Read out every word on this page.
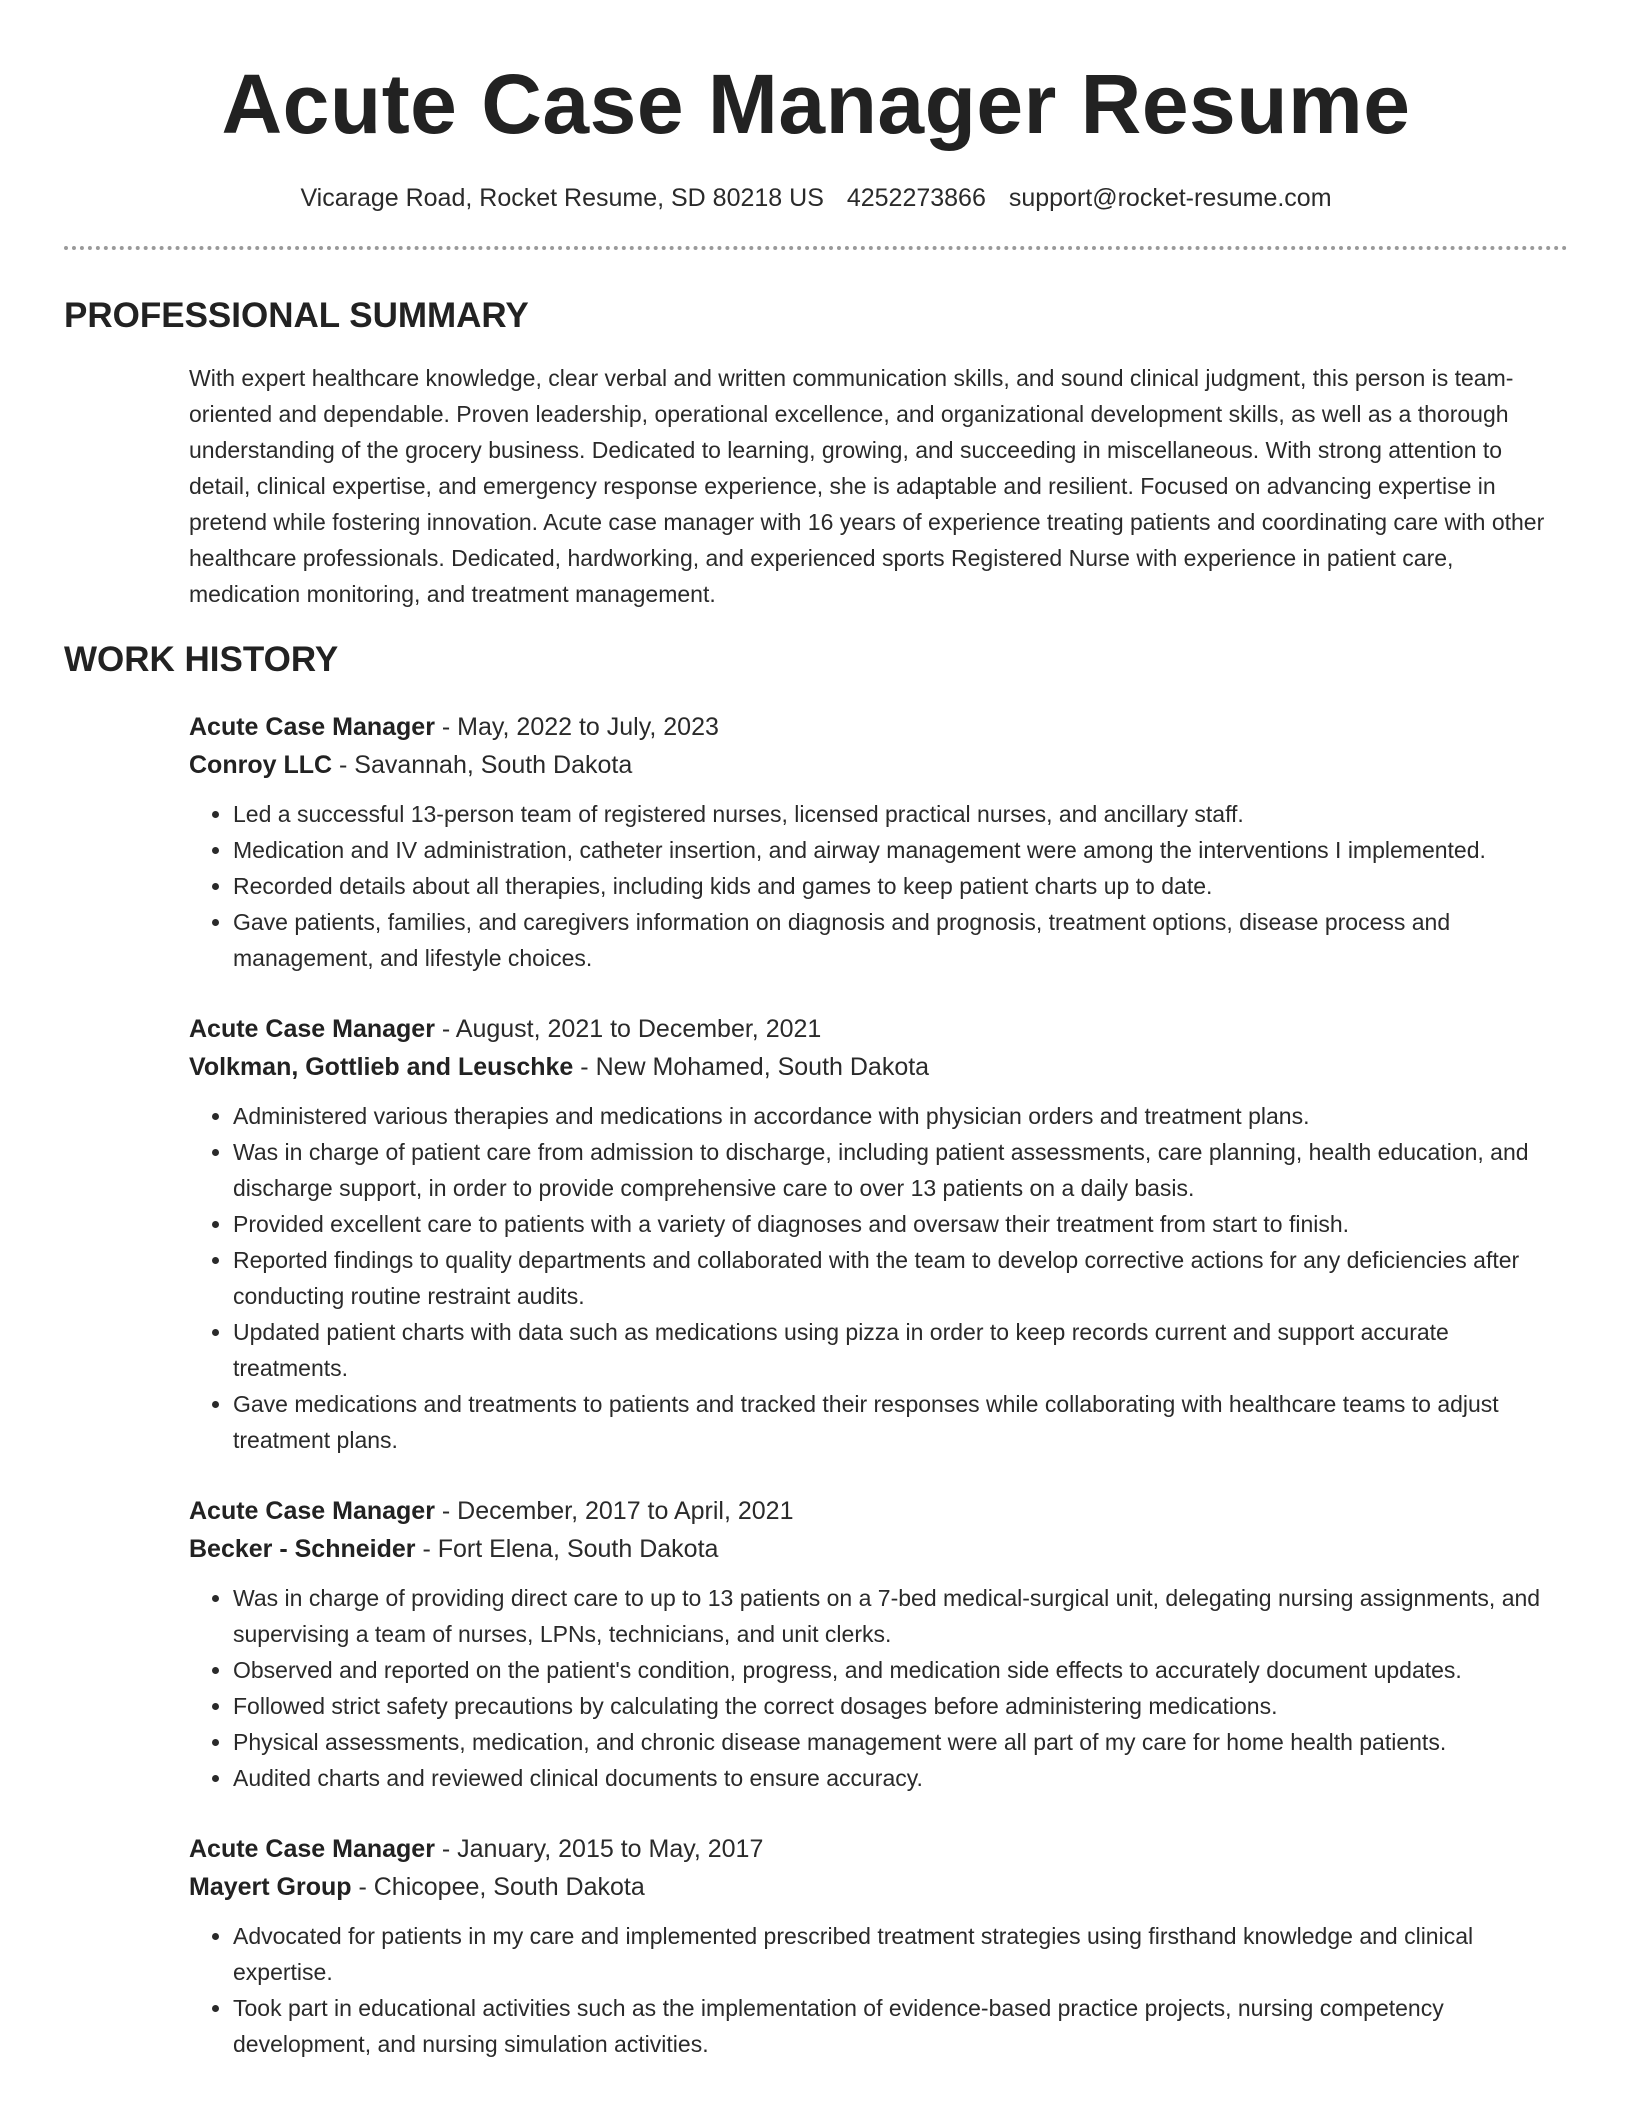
Acute Case Manager Resume
Vicarage Road, Rocket Resume, SD 80218 US 4252273866 support@rocket-resume.com
PROFESSIONAL SUMMARY

With expert healthcare knowledge, clear verbal and written communication skills, and sound clinical judgment, this person is team-oriented and dependable. Proven leadership, operational excellence, and organizational development skills, as well as a thorough understanding of the grocery business. Dedicated to learning, growing, and succeeding in miscellaneous. With strong attention to detail, clinical expertise, and emergency response experience, she is adaptable and resilient. Focused on advancing expertise in pretend while fostering innovation. Acute case manager with 16 years of experience treating patients and coordinating care with other healthcare professionals. Dedicated, hardworking, and experienced sports Registered Nurse with experience in patient care, medication monitoring, and treatment management.

WORK HISTORY
Acute Case Manager - May, 2022 to July, 2023
Conroy LLC - Savannah, South Dakota
• Led a successful 13-person team of registered nurses, licensed practical nurses, and ancillary staff.
• Medication and IV administration, catheter insertion, and airway management were among the interventions I implemented.
• Recorded details about all therapies, including kids and games to keep patient charts up to date.
• Gave patients, families, and caregivers information on diagnosis and prognosis, treatment options, disease process and management, and lifestyle choices.
Acute Case Manager - August, 2021 to December, 2021
Volkman, Gottlieb and Leuschke - New Mohamed, South Dakota
• Administered various therapies and medications in accordance with physician orders and treatment plans.
• Was in charge of patient care from admission to discharge, including patient assessments, care planning, health education, and discharge support, in order to provide comprehensive care to over 13 patients on a daily basis.
• Provided excellent care to patients with a variety of diagnoses and oversaw their treatment from start to finish.
• Reported findings to quality departments and collaborated with the team to develop corrective actions for any deficiencies after conducting routine restraint audits.
• Updated patient charts with data such as medications using pizza in order to keep records current and support accurate treatments.
• Gave medications and treatments to patients and tracked their responses while collaborating with healthcare teams to adjust treatment plans.
Acute Case Manager - December, 2017 to April, 2021
Becker - Schneider - Fort Elena, South Dakota
• Was in charge of providing direct care to up to 13 patients on a 7-bed medical-surgical unit, delegating nursing assignments, and supervising a team of nurses, LPNs, technicians, and unit clerks.
• Observed and reported on the patient's condition, progress, and medication side effects to accurately document updates.
• Followed strict safety precautions by calculating the correct dosages before administering medications.
• Physical assessments, medication, and chronic disease management were all part of my care for home health patients.
• Audited charts and reviewed clinical documents to ensure accuracy.
Acute Case Manager - January, 2015 to May, 2017
Mayert Group - Chicopee, South Dakota
• Advocated for patients in my care and implemented prescribed treatment strategies using firsthand knowledge and clinical expertise.
• Took part in educational activities such as the implementation of evidence-based practice projects, nursing competency development, and nursing simulation activities.
